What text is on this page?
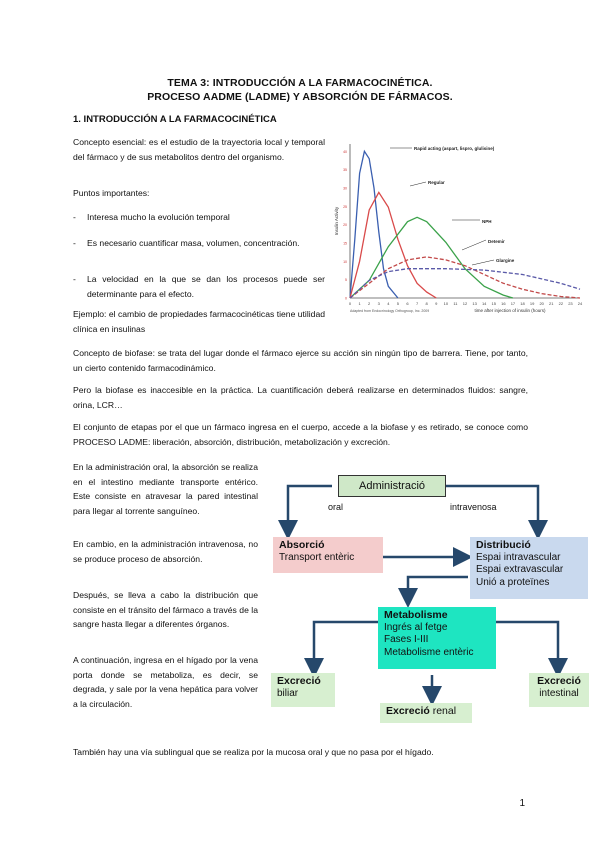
TEMA 3: INTRODUCCIÓN A LA FARMACOCINÉTICA.
PROCESO AADME (LADME) Y ABSORCIÓN DE FÁRMACOS.
1. INTRODUCCIÓN A LA FARMACOCINÉTICA
Concepto esencial: es el estudio de la trayectoria local y temporal del fármaco y de sus metabolitos dentro del organismo.
Puntos importantes:
- Interesa mucho la evolución temporal
- Es necesario cuantificar masa, volumen, concentración.
- La velocidad en la que se dan los procesos puede ser determinante para el efecto.
Ejemplo: el cambio de propiedades farmacocinéticas tiene utilidad clínica en insulinas
0 1 2 3 4 5 6 7 8 9 10 11 12 13 14 15 16 17 18 19 20 21 22 23 24
0
5
10
15
20
25
30
35
40
Insulin Activity
time after injection of insulin (hours)
Adapted from Endocrinology Orthogroup, Inc. 2009
Rapid acting (aspart, lispro, glulisine)
Regular
NPH
Detemir
Glargine
Concepto de biofase: se trata del lugar donde el fármaco ejerce su acción sin ningún tipo de barrera. Tiene, por tanto, un cierto contenido farmacodinámico.
Pero la biofase es inaccesible en la práctica. La cuantificación deberá realizarse en determinados fluidos: sangre, orina, LCR…
El conjunto de etapas por el que un fármaco ingresa en el cuerpo, accede a la biofase y es retirado, se conoce como PROCESO LADME: liberación, absorción, distribución, metabolización y excreción.
En la administración oral, la absorción se realiza en el intestino mediante transporte entérico. Este consiste en atravesar la pared intestinal para llegar al torrente sanguíneo.
En cambio, en la administración intravenosa, no se produce proceso de absorción.
Después, se lleva a cabo la distribución que consiste en el tránsito del fármaco a través de la sangre hasta llegar a diferentes órganos.
A continuación, ingresa en el hígado por la vena porta donde se metaboliza, es decir, se degrada, y sale por la vena hepática para volver a la circulación.
Administració
oral	intravenosa
Absorció
Transport entèric
Distribució
Espai intravascular
Espai extravascular
Unió a proteïnes
Metabolisme
Ingrés al fetge
Fases I-III
Metabolisme entèric
Excreció
biliar
Excreció renal
Excreció
intestinal
También hay una vía sublingual que se realiza por la mucosa oral y que no pasa por el hígado.
1
